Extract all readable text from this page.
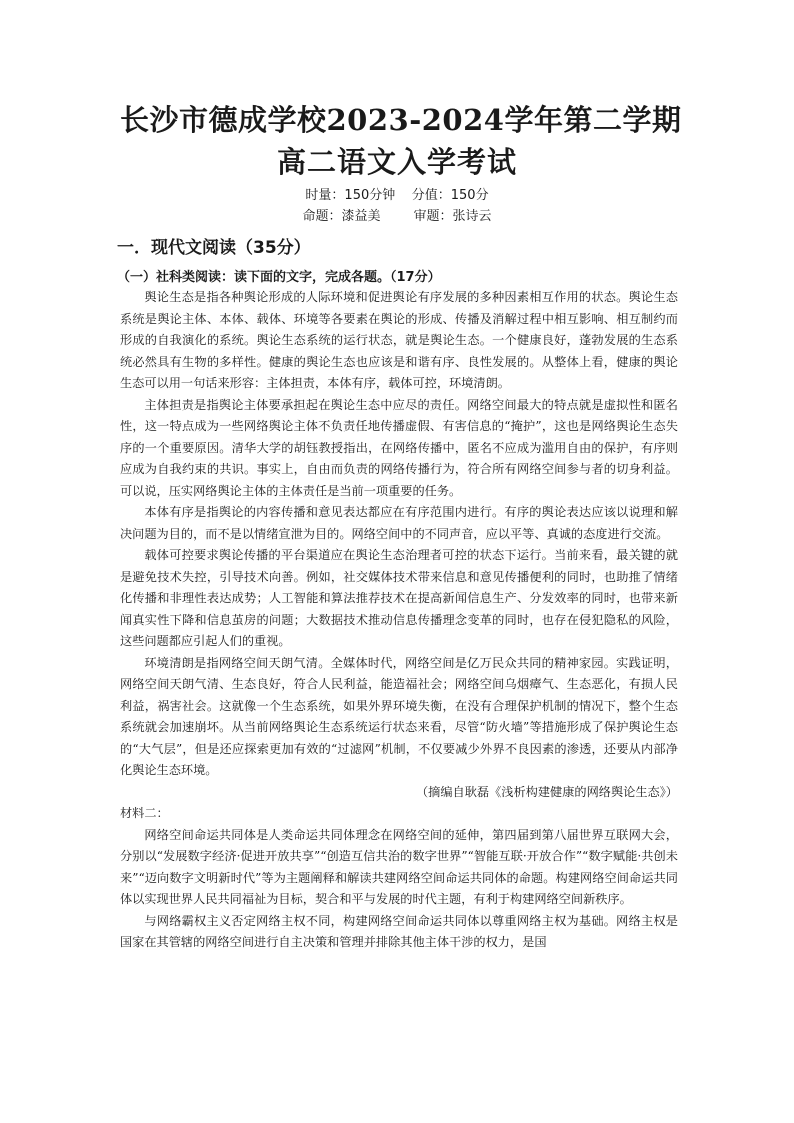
长沙市德成学校2023-2024学年第二学期
高二语文入学考试
时量：150分钟    分值：150分
命题：漆益美        审题：张诗云
一．现代文阅读（35分）
（一）社科类阅读：读下面的文字，完成各题。（17分）

舆论生态是指各种舆论形成的人际环境和促进舆论有序发展的多种因素相互作用的状态。舆论生态系统是舆论主体、本体、载体、环境等各要素在舆论的形成、传播及消解过程中相互影响、相互制约而形成的自我演化的系统。舆论生态系统的运行状态，就是舆论生态。一个健康良好，蓬勃发展的生态系统必然具有生物的多样性。健康的舆论生态也应该是和谐有序、良性发展的。从整体上看，健康的舆论生态可以用一句话来形容：主体担责，本体有序，载体可控，环境清朗。

主体担责是指舆论主体要承担起在舆论生态中应尽的责任。网络空间最大的特点就是虚拟性和匿名性，这一特点成为一些网络舆论主体不负责任地传播虚假、有害信息的“掩护”，这也是网络舆论生态失序的一个重要原因。清华大学的胡钰教授指出，在网络传播中，匿名不应成为滥用自由的保护，有序则应成为自我约束的共识。事实上，自由而负责的网络传播行为，符合所有网络空间参与者的切身利益。可以说，压实网络舆论主体的主体责任是当前一项重要的任务。

本体有序是指舆论的内容传播和意见表达都应在有序范围内进行。有序的舆论表达应该以说理和解决问题为目的，而不是以情绪宣泄为目的。网络空间中的不同声音，应以平等、真诚的态度进行交流。

载体可控要求舆论传播的平台渠道应在舆论生态治理者可控的状态下运行。当前来看，最关键的就是避免技术失控，引导技术向善。例如，社交媒体技术带来信息和意见传播便利的同时，也助推了情绪化传播和非理性表达成势；人工智能和算法推荐技术在提高新闻信息生产、分发效率的同时，也带来新闻真实性下降和信息茧房的问题；大数据技术推动信息传播理念变革的同时，也存在侵犯隐私的风险，这些问题都应引起人们的重视。

环境清朗是指网络空间天朗气清。全媒体时代，网络空间是亿万民众共同的精神家园。实践证明，网络空间天朗气清、生态良好，符合人民利益，能造福社会；网络空间乌烟瘴气、生态恶化，有损人民利益，祸害社会。这就像一个生态系统，如果外界环境失衡，在没有合理保护机制的情况下，整个生态系统就会加速崩坏。从当前网络舆论生态系统运行状态来看，尽管“防火墙”等措施形成了保护舆论生态的“大气层”，但是还应探索更加有效的“过滤网”机制，不仅要减少外界不良因素的渗透，还要从内部净化舆论生态环境。

（摘编自耿磊《浅析构建健康的网络舆论生态》）

材料二：

网络空间命运共同体是人类命运共同体理念在网络空间的延伸，第四届到第八届世界互联网大会，分别以“发展数字经济·促进开放共享”“创造互信共治的数字世界”“智能互联·开放合作”“数字赋能·共创未来”“迈向数字文明新时代”等为主题阐释和解读共建网络空间命运共同体的命题。构建网络空间命运共同体以实现世界人民共同福祉为目标，契合和平与发展的时代主题，有利于构建网络空间新秩序。

与网络霸权主义否定网络主权不同，构建网络空间命运共同体以尊重网络主权为基础。网络主权是国家在其管辖的网络空间进行自主决策和管理并排除其他主体干涉的权力，是国
